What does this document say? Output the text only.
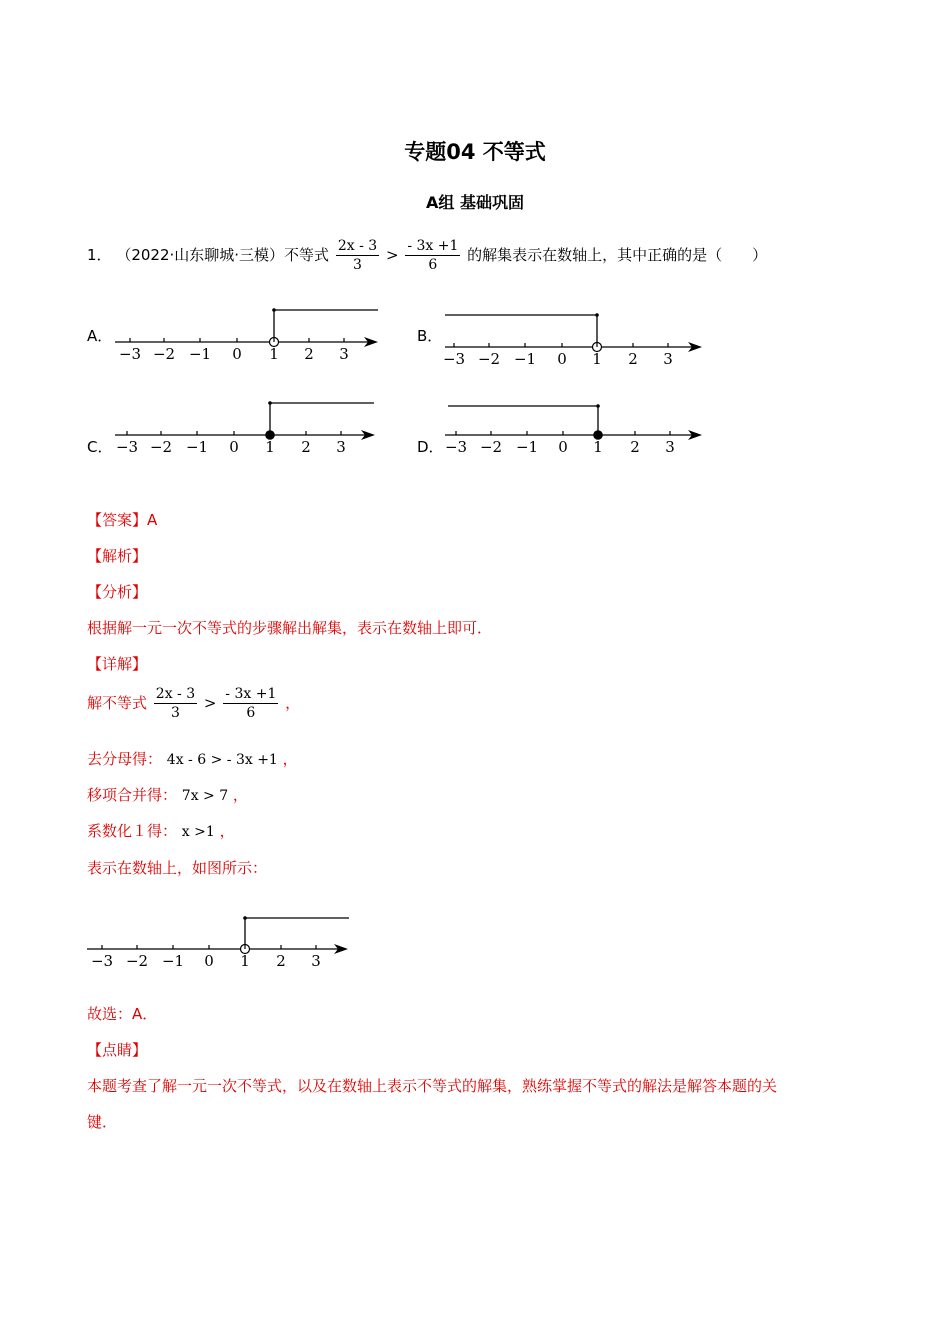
专题04 不等式
A组 基础巩固
1． （2022·山东聊城·三模）不等式 $\frac{2x - 3}{3} > \frac{- 3x +1}{6}$ 的解集表示在数轴上，其中正确的是（　　）
A．
−3 −2 −1 0 1 2 3
B．
−3 −2 −1 0 1 2 3
C． −3 −2 −1 0 1 2 3	D． −3 −2 −1 0 1 2 3
【答案】A
【解析】
【分析】
根据解一元一次不等式的步骤解出解集，表示在数轴上即可．
【详解】
解不等式 $\frac{2x - 3}{3} > \frac{- 3x +1}{6}$ ，
去分母得： 4x - 6 > - 3x +1 ，
移项合并得： 7x > 7 ，
系数化１得： x >1 ，
表示在数轴上，如图所示：
−3 −2 −1 0 1 2 3
故选：A．
【点睛】
本题考查了解一元一次不等式，以及在数轴上表示不等式的解集，熟练掌握不等式的解法是解答本题的关
键．
